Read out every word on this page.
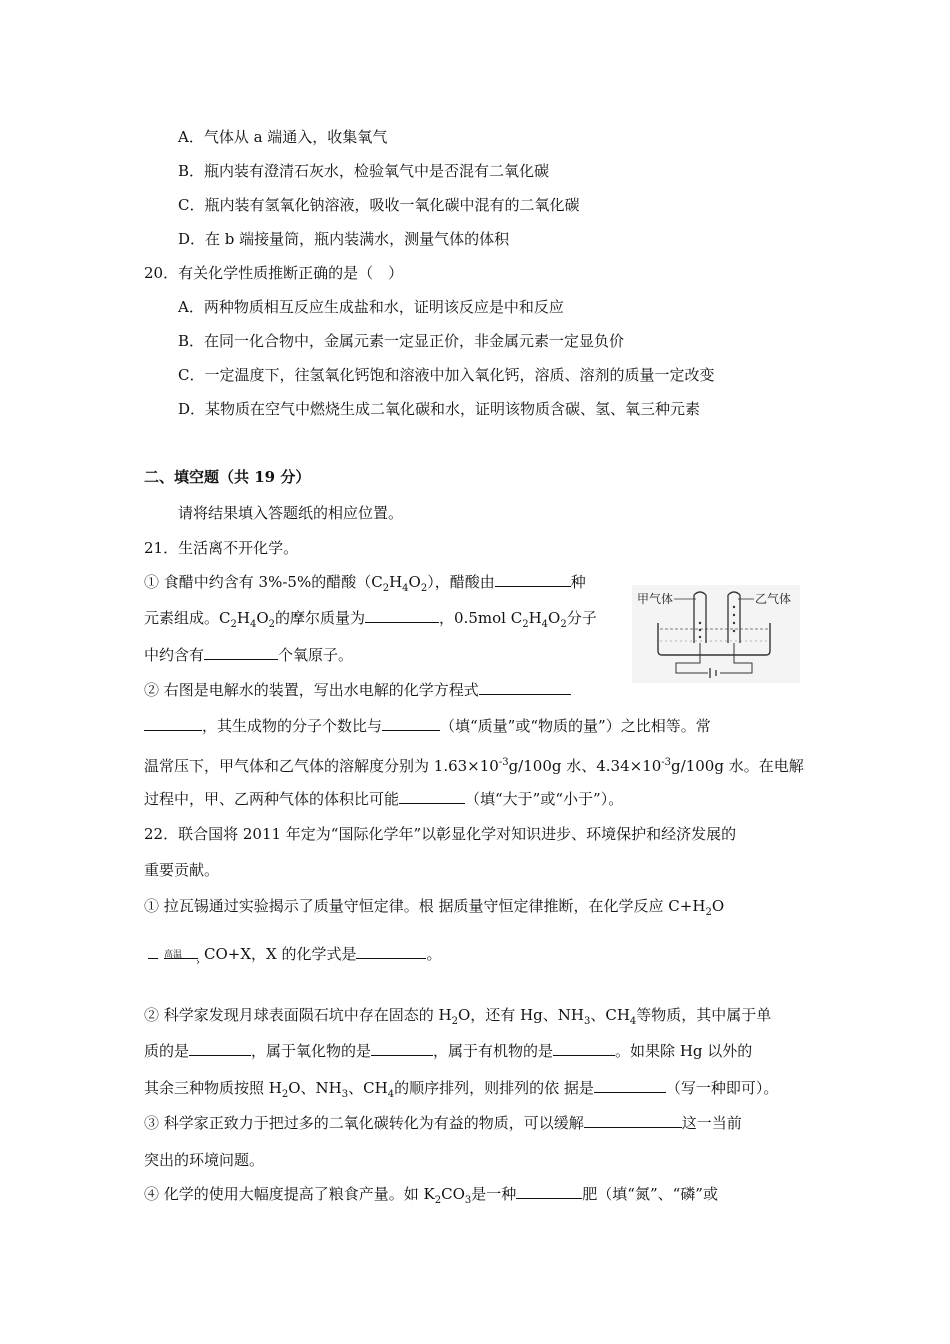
A．气体从 a 端通入，收集氧气
B．瓶内装有澄清石灰水，检验氧气中是否混有二氧化碳
C．瓶内装有氢氧化钠溶液，吸收一氧化碳中混有的二氧化碳
D．在 b 端接量筒，瓶内装满水，测量气体的体积
20．有关化学性质推断正确的是（　）
A．两种物质相互反应生成盐和水，证明该反应是中和反应
B．在同一化合物中，金属元素一定显正价，非金属元素一定显负价
C．一定温度下，往氢氧化钙饱和溶液中加入氧化钙，溶质、溶剂的质量一定改变
D．某物质在空气中燃烧生成二氧化碳和水，证明该物质含碳、氢、氧三种元素
二、填空题（共 19 分）
请将结果填入答题纸的相应位置。
21．生活离不开化学。
① 食醋中约含有 3%-5%的醋酸$(C_2H_4O_2)$，醋酸由	种
元素组成。$C_2H_4O_2$的摩尔质量为	，0.5mol $C_2H_4O_2$分子
中约含有	个氧原子。
② 右图是电解水的装置，写出水电解的化学方程式
，其生成物的分子个数比与	（填“质量”或“物质的量”）之比相等。常
温常压下，甲气体和乙气体的溶解度分别为 $1.63\times 10^{-3}g/100g$ 水、$4.34\times 10^{-3}g/100g$ 水。在电解
过程中，甲、乙两种气体的体积比可能	（填“大于”或“小于”）。
甲气体	乙气体
22．联合国将 2011 年定为“国际化学年”以彰显化学对知识进步、环境保护和经济发展的
重要贡献。
① 拉瓦锡通过实验揭示了质量守恒定律。根 据质量守恒定律推断，在化学反应 $C+H_2O$
高温
› CO+X，X 的化学式是	。
② 科学家发现月球表面陨石坑中存在固态的 $H_2O$，还有 Hg、$NH_3$、$CH_4$等物质，其中属于单
质的是	，属于氧化物的是	，属于有机物的是	。如果除 Hg 以外的
其余三种物质按照 $H_2O$、$NH_3$、$CH_4$的顺序排列，则排列的依 据是	（写一种即可）。
③ 科学家正致力于把过多的二氧化碳转化为有益的物质，可以缓解	这一当前
突出的环境问题。
④ 化学的使用大幅度提高了粮食产量。如 $K_2CO_3$是一种	肥（填“氮”、“磷”或
